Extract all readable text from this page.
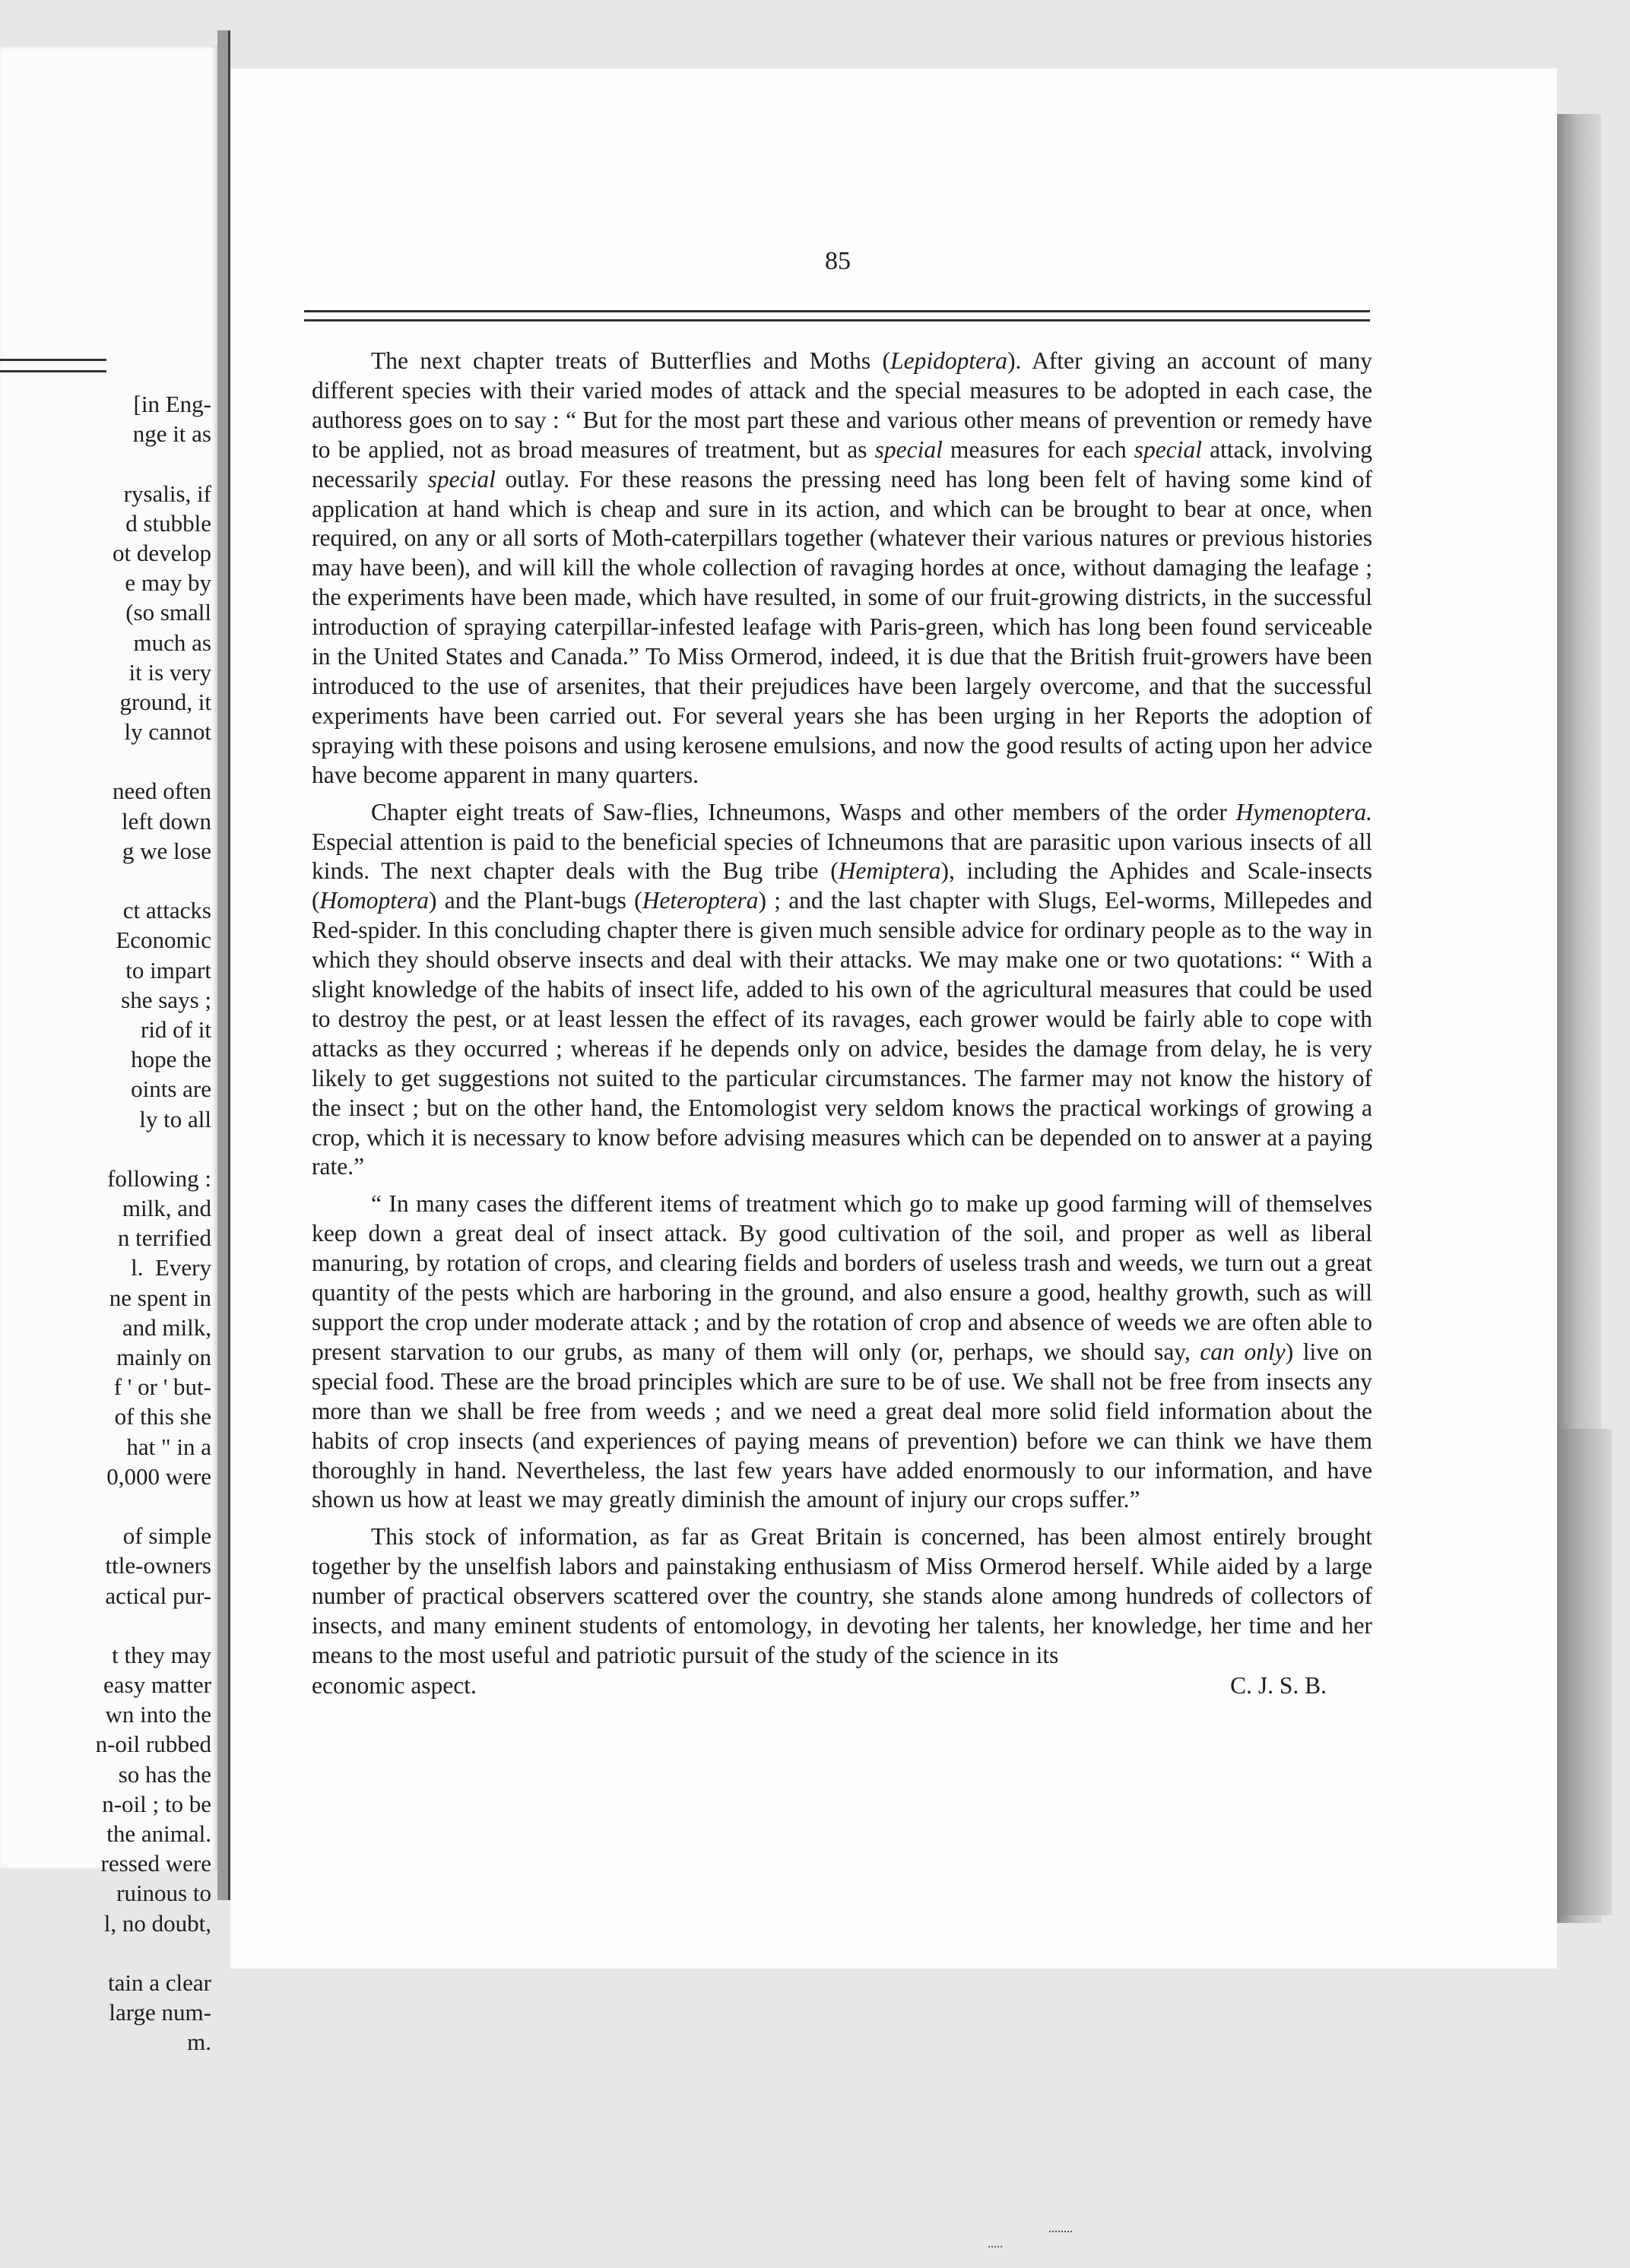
[in Eng-
nge it as
rysalis, if
d stubble
ot develop
e may by
(so small
much as
it is very
ground, it
ly cannot
need often
left down
g we lose
ct attacks
Economic
to impart
she says ;
rid of it
hope the
oints are
ly to all
following :
milk, and
n terrified
l.  Every
ne spent in
and milk,
mainly on
f ' or ' but-
of this she
hat " in a
0,000 were
of simple
ttle-owners
actical pur-
t they may
easy matter
wn into the
n-oil rubbed
so has the
n-oil ; to be
the animal.
ressed were
ruinous to
l, no doubt,
tain a clear
large num-
m.

85

The next chapter treats of Butterflies and Moths (Lepidoptera). After giving an account of many different species with their varied modes of attack and the special measures to be adopted in each case, the authoress goes on to say : “ But for the most part these and various other means of prevention or remedy have to be applied, not as broad measures of treatment, but as special measures for each special attack, involving necessarily special outlay. For these reasons the pressing need has long been felt of having some kind of application at hand which is cheap and sure in its action, and which can be brought to bear at once, when required, on any or all sorts of Moth-caterpillars together (whatever their various natures or previous histories may have been), and will kill the whole collection of ravaging hordes at once, without damaging the leafage ; the experiments have been made, which have resulted, in some of our fruit-growing districts, in the successful introduction of spraying caterpillar-infested leafage with Paris-green, which has long been found serviceable in the United States and Canada.” To Miss Ormerod, indeed, it is due that the British fruit-growers have been introduced to the use of arsenites, that their prejudices have been largely overcome, and that the successful experiments have been carried out. For several years she has been urging in her Reports the adoption of spraying with these poisons and using kerosene emulsions, and now the good results of acting upon her advice have become apparent in many quarters.

Chapter eight treats of Saw-flies, Ichneumons, Wasps and other members of the order Hymenoptera. Especial attention is paid to the beneficial species of Ichneumons that are parasitic upon various insects of all kinds. The next chapter deals with the Bug tribe (Hemiptera), including the Aphides and Scale-insects (Homoptera) and the Plant-bugs (Heteroptera) ; and the last chapter with Slugs, Eel-worms, Millepedes and Red-spider. In this concluding chapter there is given much sensible advice for ordinary people as to the way in which they should observe insects and deal with their attacks. We may make one or two quotations: “ With a slight knowledge of the habits of insect life, added to his own of the agricultural measures that could be used to destroy the pest, or at least lessen the effect of its ravages, each grower would be fairly able to cope with attacks as they occurred ; whereas if he depends only on advice, besides the damage from delay, he is very likely to get suggestions not suited to the particular circumstances. The farmer may not know the history of the insect ; but on the other hand, the Entomologist very seldom knows the practical workings of growing a crop, which it is necessary to know before advising measures which can be depended on to answer at a paying rate.”

“ In many cases the different items of treatment which go to make up good farming will of themselves keep down a great deal of insect attack. By good cultivation of the soil, and proper as well as liberal manuring, by rotation of crops, and clearing fields and borders of useless trash and weeds, we turn out a great quantity of the pests which are harboring in the ground, and also ensure a good, healthy growth, such as will support the crop under moderate attack ; and by the rotation of crop and absence of weeds we are often able to present starvation to our grubs, as many of them will only (or, perhaps, we should say, can only) live on special food. These are the broad principles which are sure to be of use. We shall not be free from insects any more than we shall be free from weeds ; and we need a great deal more solid field information about the habits of crop insects (and experiences of paying means of prevention) before we can think we have them thoroughly in hand. Nevertheless, the last few years have added enormously to our information, and have shown us how at least we may greatly diminish the amount of injury our crops suffer.”

This stock of information, as far as Great Britain is concerned, has been almost entirely brought together by the unselfish labors and painstaking enthusiasm of Miss Ormerod herself. While aided by a large number of practical observers scattered over the country, she stands alone among hundreds of collectors of insects, and many eminent students of entomology, in devoting her talents, her knowledge, her time and her means to the most useful and patriotic pursuit of the study of the science in its

economic aspect.	C. J. S. B.
